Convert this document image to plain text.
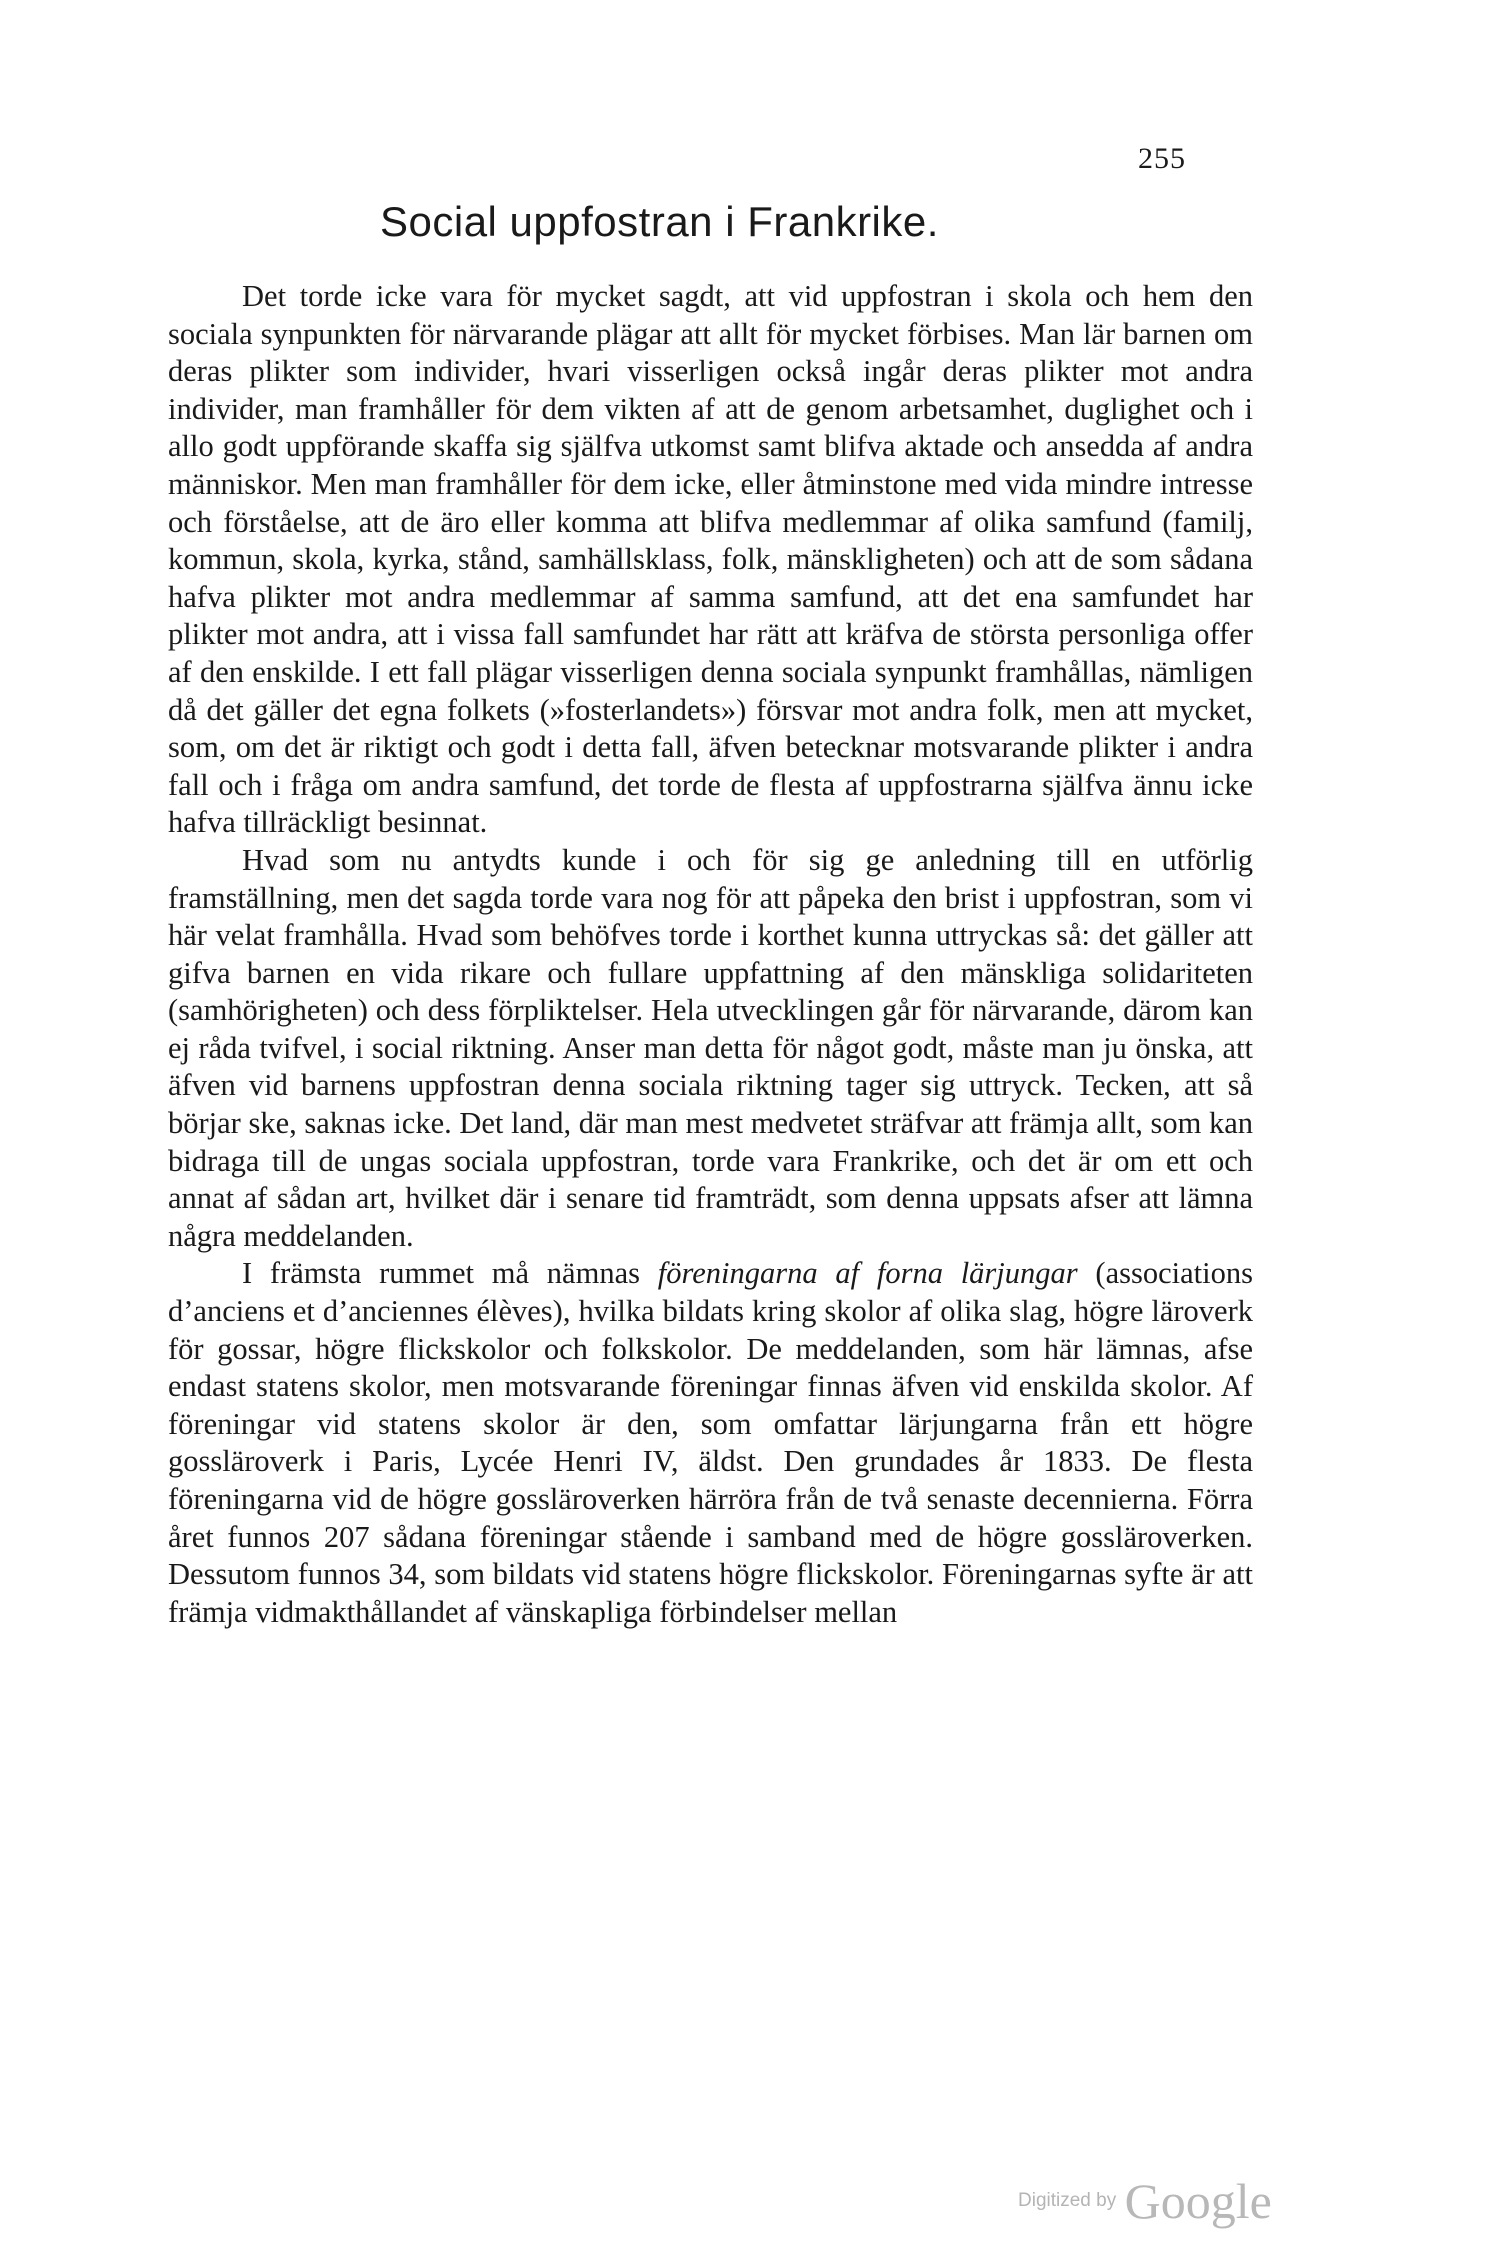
255
Social uppfostran i Frankrike.

Det torde icke vara för mycket sagdt, att vid uppfostran i skola och hem den sociala synpunkten för närvarande plägar att allt för mycket förbises. Man lär barnen om deras plikter som individer, hvari visserligen också ingår deras plikter mot andra individer, man framhåller för dem vikten af att de genom arbetsamhet, duglighet och i allo godt uppförande skaffa sig själfva utkomst samt blifva aktade och ansedda af andra människor. Men man framhåller för dem icke, eller åtminstone med vida mindre intresse och förståelse, att de äro eller komma att blifva medlemmar af olika samfund (familj, kommun, skola, kyrka, stånd, samhällsklass, folk, mänskligheten) och att de som sådana hafva plikter mot andra medlemmar af samma samfund, att det ena samfundet har plikter mot andra, att i vissa fall samfundet har rätt att kräfva de största personliga offer af den enskilde. I ett fall plägar visserligen denna sociala synpunkt framhållas, nämligen då det gäller det egna folkets (»fosterlandets») försvar mot andra folk, men att mycket, som, om det är riktigt och godt i detta fall, äfven betecknar motsvarande plikter i andra fall och i fråga om andra samfund, det torde de flesta af uppfostrarna själfva ännu icke hafva tillräckligt besinnat.

Hvad som nu antydts kunde i och för sig ge anledning till en utförlig framställning, men det sagda torde vara nog för att påpeka den brist i uppfostran, som vi här velat framhålla. Hvad som behöfves torde i korthet kunna uttryckas så: det gäller att gifva barnen en vida rikare och fullare uppfattning af den mänskliga solidariteten (samhörigheten) och dess förpliktelser. Hela utvecklingen går för närvarande, därom kan ej råda tvifvel, i social riktning. Anser man detta för något godt, måste man ju önska, att äfven vid barnens uppfostran denna sociala riktning tager sig uttryck. Tecken, att så börjar ske, saknas icke. Det land, där man mest medvetet sträfvar att främja allt, som kan bidraga till de ungas sociala uppfostran, torde vara Frankrike, och det är om ett och annat af sådan art, hvilket där i senare tid framträdt, som denna uppsats afser att lämna några meddelanden.

I främsta rummet må nämnas föreningarna af forna lärjungar (associations d’anciens et d’anciennes élèves), hvilka bildats kring skolor af olika slag, högre läroverk för gossar, högre flickskolor och folkskolor. De meddelanden, som här lämnas, afse endast statens skolor, men motsvarande föreningar finnas äfven vid enskilda skolor. Af föreningar vid statens skolor är den, som omfattar lärjungarna från ett högre gossläroverk i Paris, Lycée Henri IV, äldst. Den grundades år 1833. De flesta föreningarna vid de högre gossläroverken härröra från de två senaste decennierna. Förra året funnos 207 sådana föreningar stående i samband med de högre gossläroverken. Dessutom funnos 34, som bildats vid statens högre flickskolor. Föreningarnas syfte är att främja vidmakthållandet af vänskapliga förbindelser mellan

Digitized by Google
